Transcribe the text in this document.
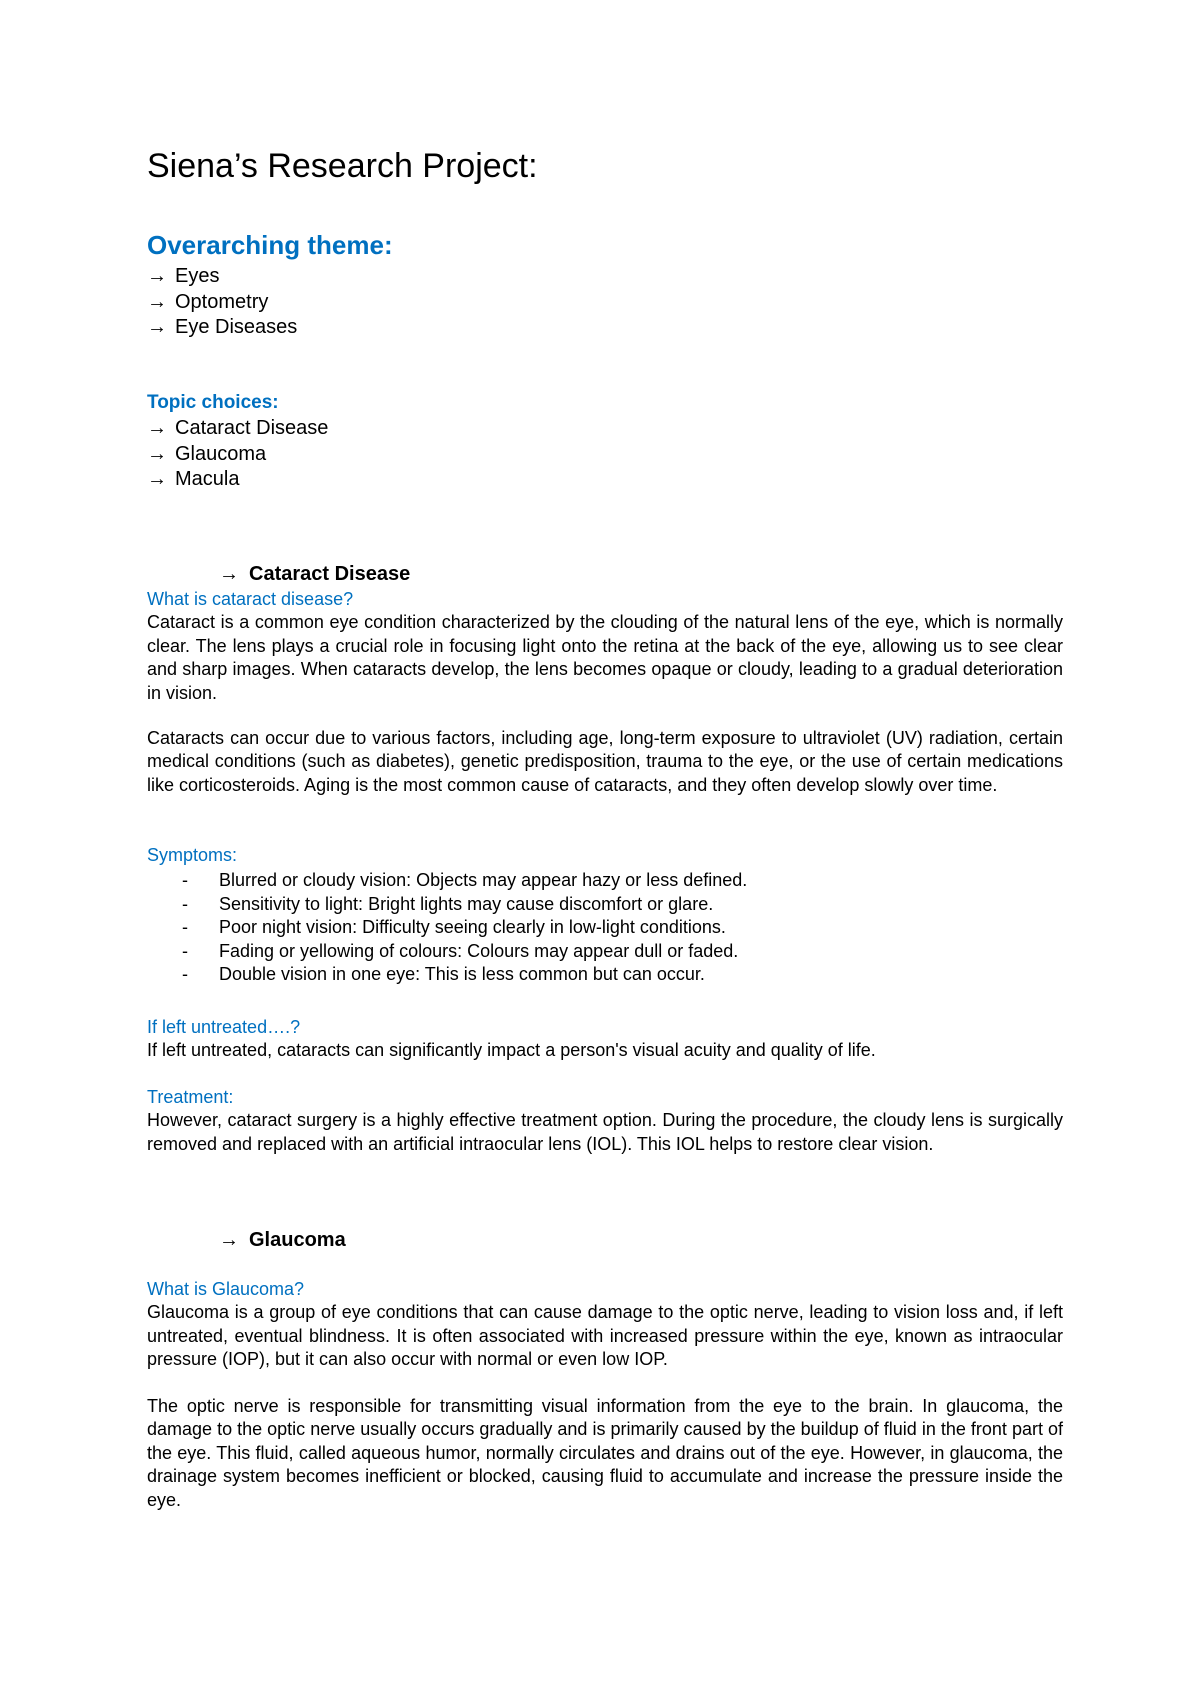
Siena’s Research Project:
Overarching theme:
→ Eyes
→ Optometry
→ Eye Diseases
Topic choices:
→ Cataract Disease
→ Glaucoma
→ Macula
→ Cataract Disease

What is cataract disease?

Cataract is a common eye condition characterized by the clouding of the natural lens of the eye, which is normally clear. The lens plays a crucial role in focusing light onto the retina at the back of the eye, allowing us to see clear and sharp images. When cataracts develop, the lens becomes opaque or cloudy, leading to a gradual deterioration in vision.

Cataracts can occur due to various factors, including age, long-term exposure to ultraviolet (UV) radiation, certain medical conditions (such as diabetes), genetic predisposition, trauma to the eye, or the use of certain medications like corticosteroids. Aging is the most common cause of cataracts, and they often develop slowly over time.

Symptoms:

- Blurred or cloudy vision: Objects may appear hazy or less defined.
- Sensitivity to light: Bright lights may cause discomfort or glare.
- Poor night vision: Difficulty seeing clearly in low-light conditions.
- Fading or yellowing of colours: Colours may appear dull or faded.
- Double vision in one eye: This is less common but can occur.

If left untreated….?

If left untreated, cataracts can significantly impact a person's visual acuity and quality of life.

Treatment:

However, cataract surgery is a highly effective treatment option. During the procedure, the cloudy lens is surgically removed and replaced with an artificial intraocular lens (IOL). This IOL helps to restore clear vision.

→ Glaucoma

What is Glaucoma?

Glaucoma is a group of eye conditions that can cause damage to the optic nerve, leading to vision loss and, if left untreated, eventual blindness. It is often associated with increased pressure within the eye, known as intraocular pressure (IOP), but it can also occur with normal or even low IOP.

The optic nerve is responsible for transmitting visual information from the eye to the brain. In glaucoma, the damage to the optic nerve usually occurs gradually and is primarily caused by the buildup of fluid in the front part of the eye. This fluid, called aqueous humor, normally circulates and drains out of the eye. However, in glaucoma, the drainage system becomes inefficient or blocked, causing fluid to accumulate and increase the pressure inside the eye.
